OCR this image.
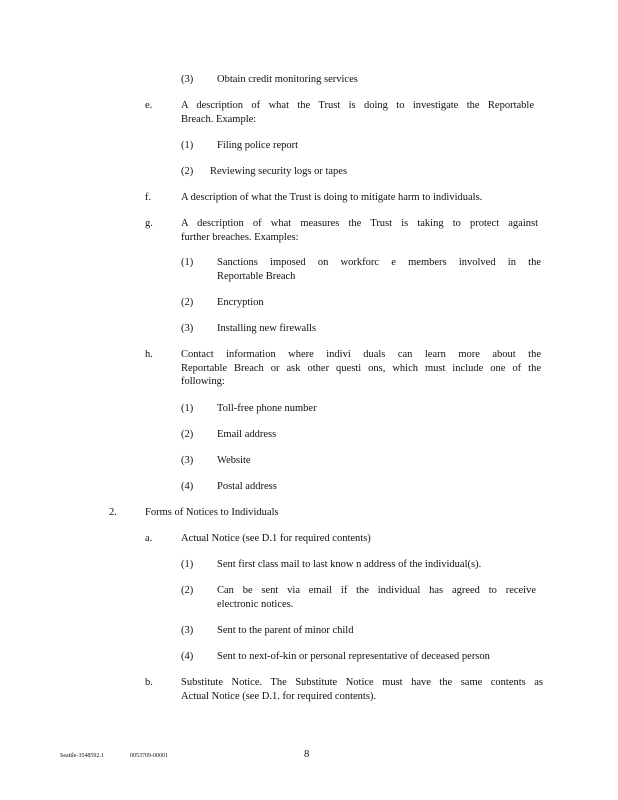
(3) Obtain credit monitoring services
e.	A description of what the Trust is doing to investigate the Reportable
Breach. Example:
(1) Filing police report
(2) Reviewing security logs or tapes
f.	A description of what the Trust is doing to mitigate harm to individuals.
g.	A description of what measures the Trust is taking to protect against
further breaches. Examples:
(1) Sanctions imposed on workforc e members involved in the
Reportable Breach
(2) Encryption
(3) Installing new firewalls
h.	Contact information where indivi duals can learn more about the
Reportable Breach or ask other questi ons, which must include one of the
following:
(1) Toll-free phone number
(2) Email address
(3) Website
(4) Postal address
2.	Forms of Notices to Individuals
a.	Actual Notice (see D.1 for required contents)
(1) Sent first class mail to last know n address of the individual(s).
(2) Can be sent via email if the individual has agreed to receive
electronic notices.
(3) Sent to the parent of minor child
(4) Sent to next-of-kin or personal representative of deceased person
b.	Substitute Notice. The Substitute Notice must have the same contents as
Actual Notice (see D.1. for required contents).
Seattle-3548592.1	0053709-00001	8
